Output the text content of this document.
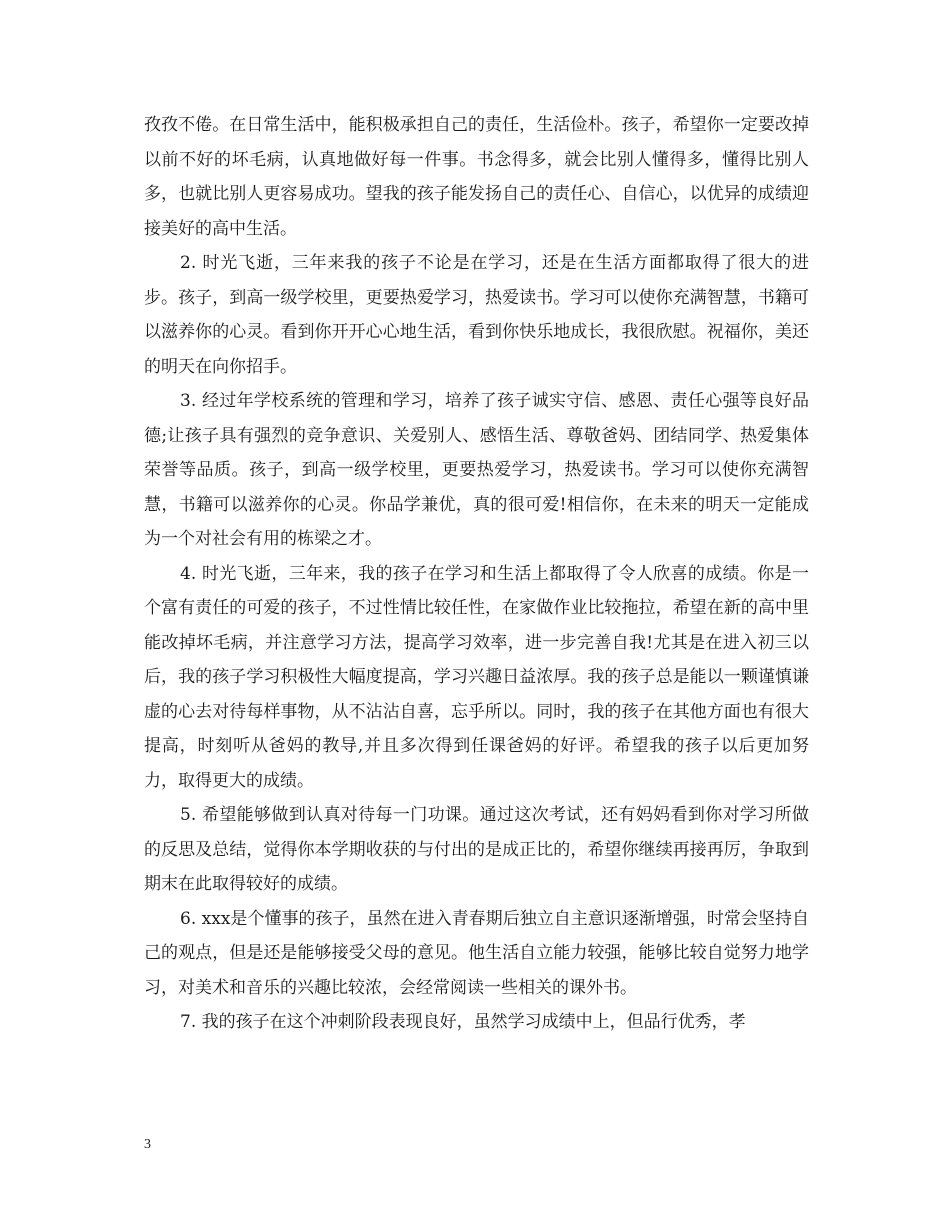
孜孜不倦。在日常生活中，能积极承担自己的责任，生活俭朴。孩子，希望你一定要改掉以前不好的坏毛病，认真地做好每一件事。书念得多，就会比别人懂得多，懂得比别人多，也就比别人更容易成功。望我的孩子能发扬自己的责任心、自信心，以优异的成绩迎接美好的高中生活。

2. 时光飞逝，三年来我的孩子不论是在学习，还是在生活方面都取得了很大的进步。孩子，到高一级学校里，更要热爱学习，热爱读书。学习可以使你充满智慧，书籍可以滋养你的心灵。看到你开开心心地生活，看到你快乐地成长，我很欣慰。祝福你，美还的明天在向你招手。

3. 经过年学校系统的管理和学习，培养了孩子诚实守信、感恩、责任心强等良好品德;让孩子具有强烈的竞争意识、关爱别人、感悟生活、尊敬爸妈、团结同学、热爱集体荣誉等品质。孩子，到高一级学校里，更要热爱学习，热爱读书。学习可以使你充满智慧，书籍可以滋养你的心灵。你品学兼优，真的很可爱!相信你，在未来的明天一定能成为一个对社会有用的栋梁之才。

4. 时光飞逝，三年来，我的孩子在学习和生活上都取得了令人欣喜的成绩。你是一个富有责任的可爱的孩子，不过性情比较任性，在家做作业比较拖拉，希望在新的高中里能改掉坏毛病，并注意学习方法，提高学习效率，进一步完善自我!尤其是在进入初三以后，我的孩子学习积极性大幅度提高，学习兴趣日益浓厚。我的孩子总是能以一颗谨慎谦虚的心去对待每样事物，从不沾沾自喜，忘乎所以。同时，我的孩子在其他方面也有很大提高，时刻听从爸妈的教导,并且多次得到任课爸妈的好评。希望我的孩子以后更加努力，取得更大的成绩。

5. 希望能够做到认真对待每一门功课。通过这次考试，还有妈妈看到你对学习所做的反思及总结，觉得你本学期收获的与付出的是成正比的，希望你继续再接再厉，争取到期末在此取得较好的成绩。

6. xxx是个懂事的孩子，虽然在进入青春期后独立自主意识逐渐增强，时常会坚持自己的观点，但是还是能够接受父母的意见。他生活自立能力较强，能够比较自觉努力地学习，对美术和音乐的兴趣比较浓，会经常阅读一些相关的课外书。

7. 我的孩子在这个冲刺阶段表现良好，虽然学习成绩中上，但品行优秀，孝

3
